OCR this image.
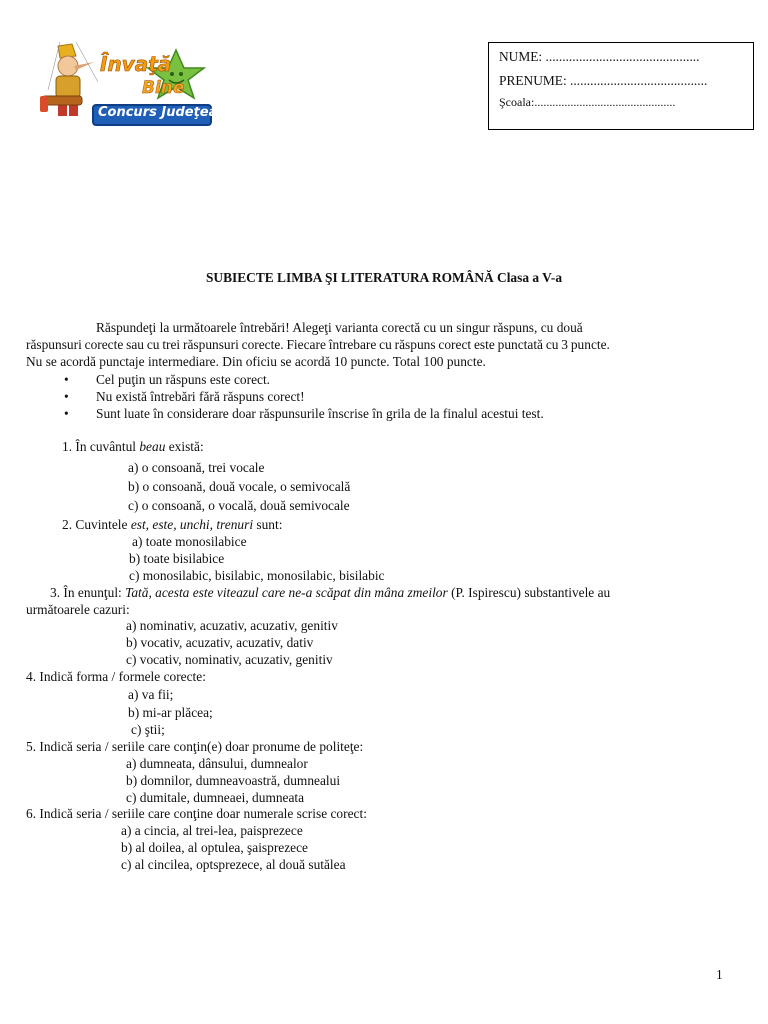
Învaţă
Bine
Concurs Judeţean
NUME: ..............................................
PRENUME: .........................................
Şcoala:...............................................
SUBIECTE LIMBA ŞI LITERATURA ROMÂNĂ Clasa a V-a
Răspundeţi la următoarele întrebări! Alegeţi varianta corectă cu un singur răspuns, cu două
răspunsuri corecte sau cu trei răspunsuri corecte. Fiecare întrebare cu răspuns corect este punctată cu 3 puncte.
Nu se acordă punctaje intermediare. Din oficiu se acordă 10 puncte. Total 100 puncte.
• Cel puţin un răspuns este corect.
• Nu există întrebări fără răspuns corect!
• Sunt luate în considerare doar răspunsurile înscrise în grila de la finalul acestui test.
1. În cuvântul beau există:
a) o consoană, trei vocale
b) o consoană, două vocale, o semivocală
c) o consoană, o vocală, două semivocale
2. Cuvintele est, este, unchi, trenuri sunt:
a) toate monosilabice
b) toate bisilabice
c) monosilabic, bisilabic, monosilabic, bisilabic
3. În enunţul: Tată, acesta este viteazul care ne-a scăpat din mâna zmeilor (P. Ispirescu) substantivele au
următoarele cazuri:
a) nominativ, acuzativ, acuzativ, genitiv
b) vocativ, acuzativ, acuzativ, dativ
c) vocativ, nominativ, acuzativ, genitiv
4. Indică forma / formele corecte:
a) va fii;
b) mi-ar plăcea;
c) ştii;
5. Indică seria / seriile care conţin(e) doar pronume de politeţe:
a) dumneata, dânsului, dumnealor
b) domnilor, dumneavoastră, dumnealui
c) dumitale, dumneaei, dumneata
6. Indică seria / seriile care conţine doar numerale scrise corect:
a) a cincia, al trei-lea, paisprezece
b) al doilea, al optulea, şaisprezece
c) al cincilea, optsprezece, al două sutălea
1
